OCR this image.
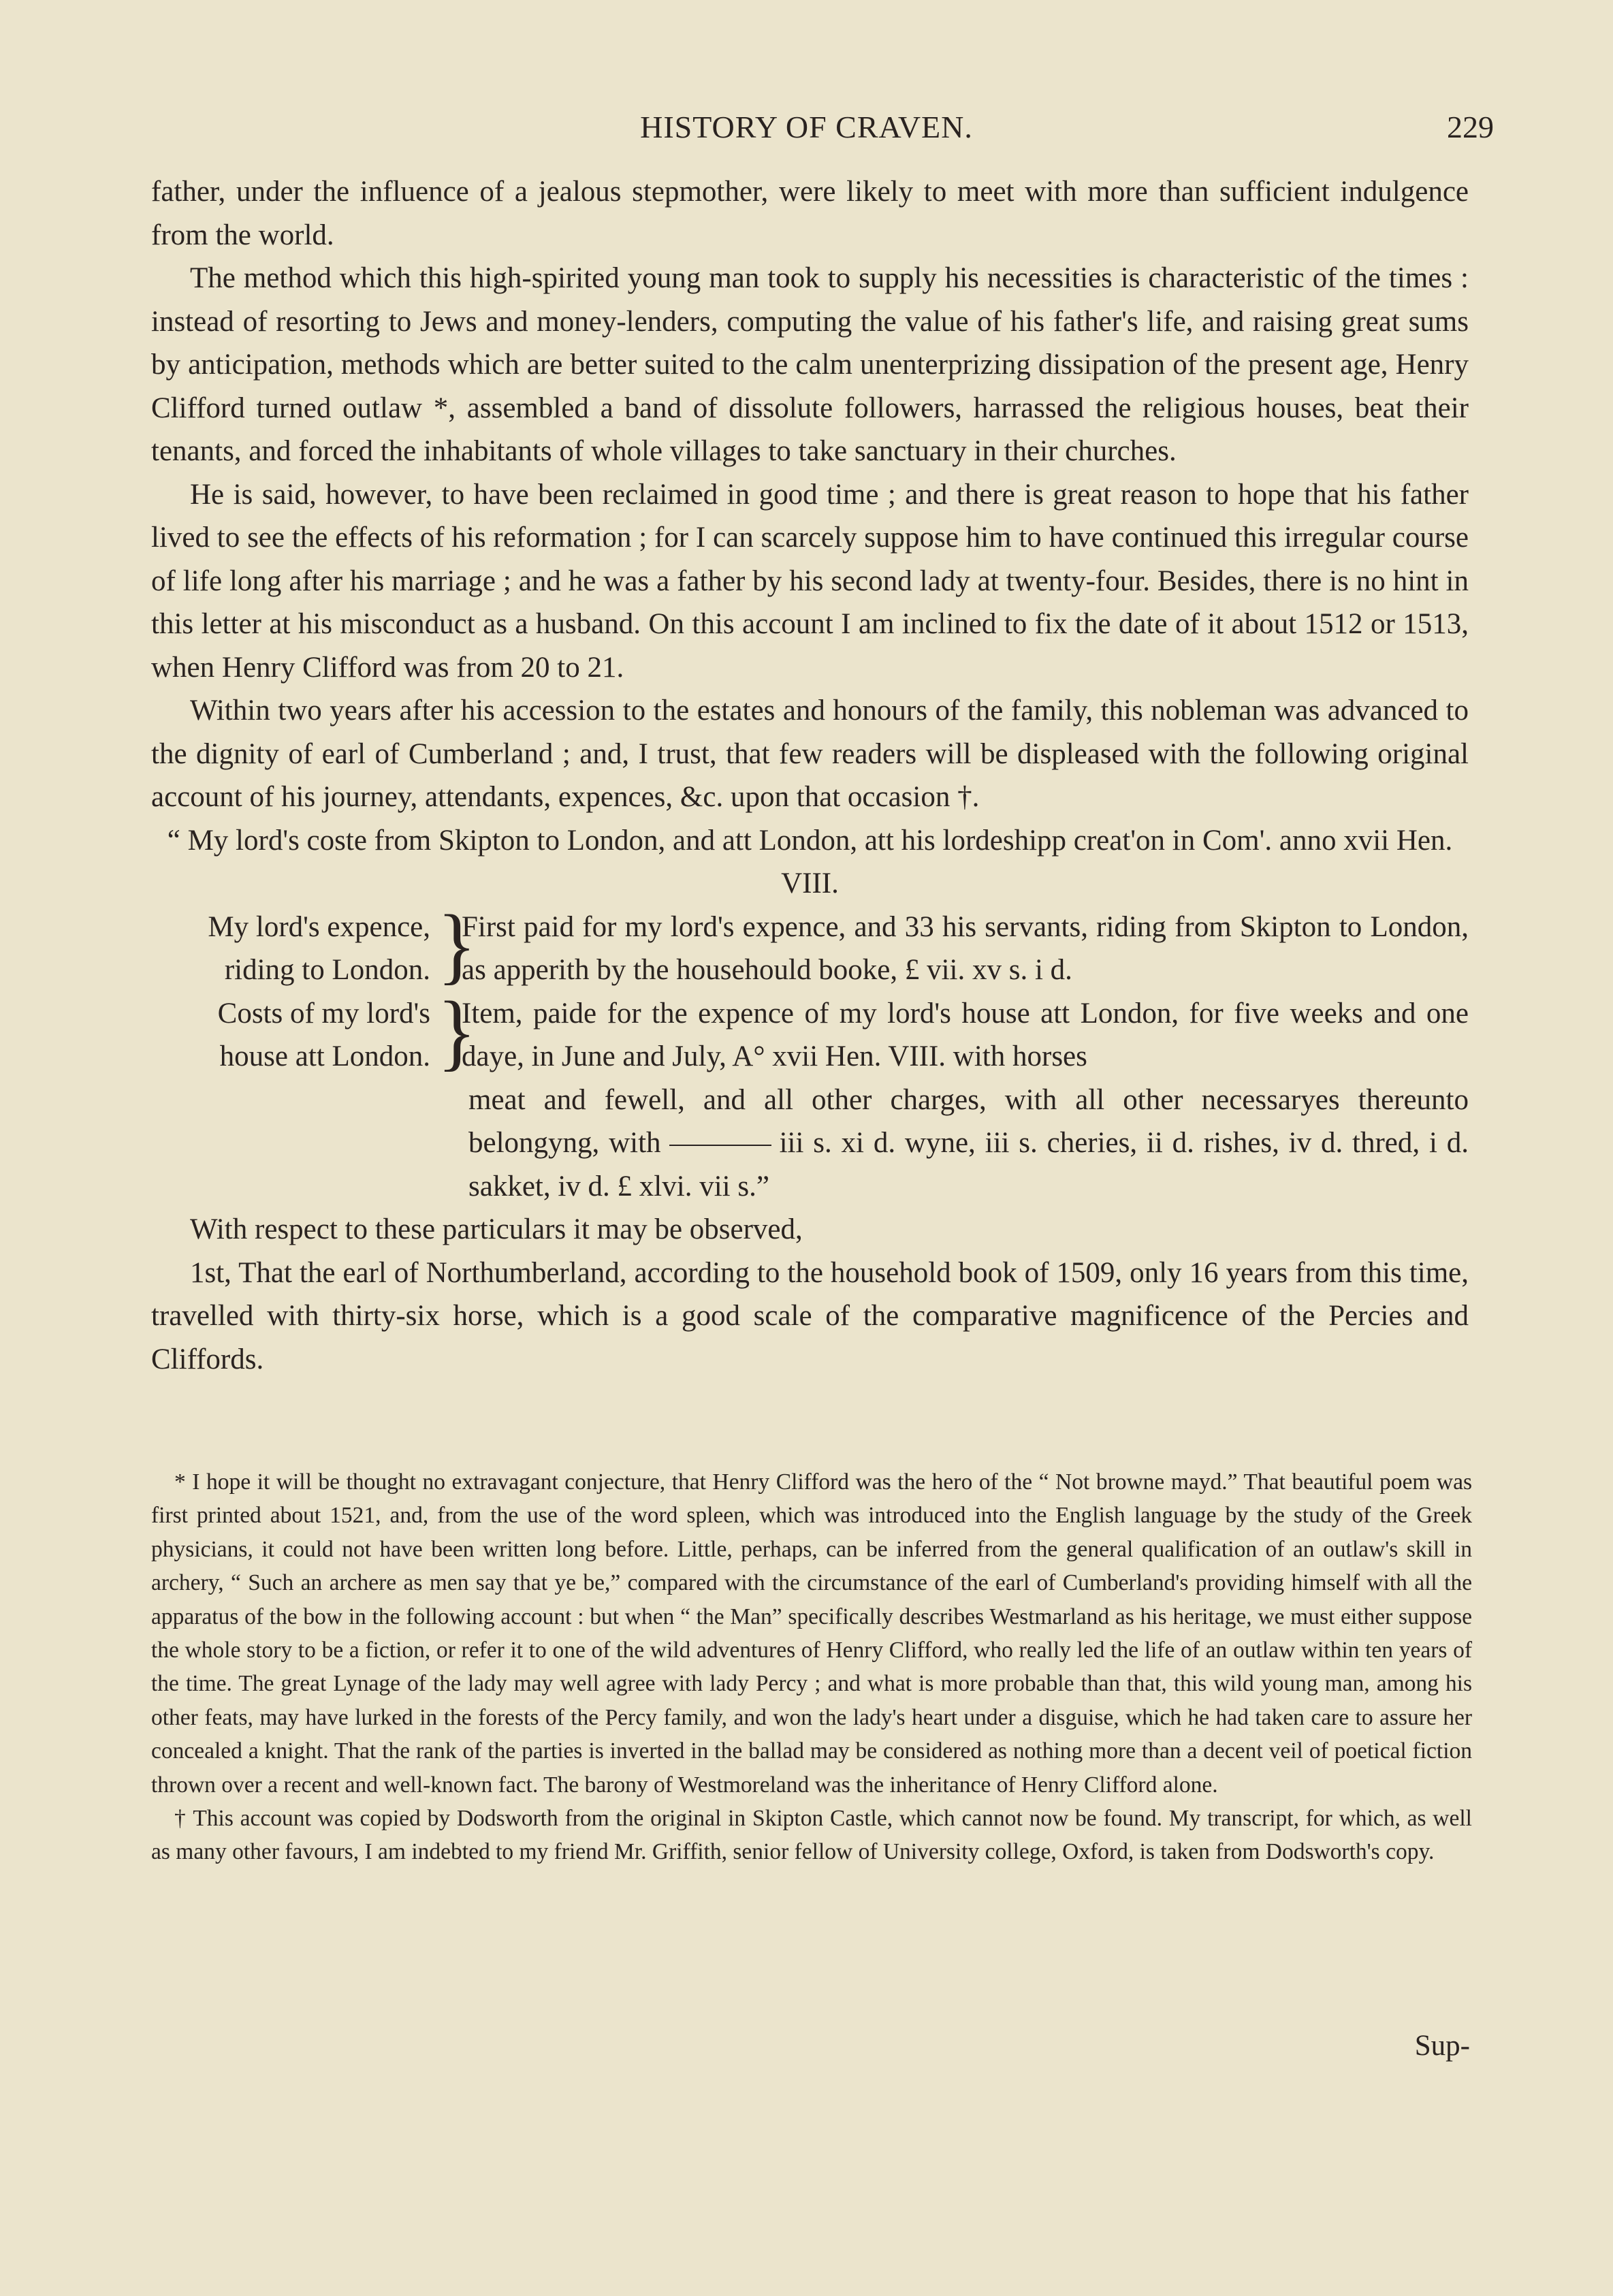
HISTORY OF CRAVEN.	229

father, under the influence of a jealous stepmother, were likely to meet with more than sufficient indulgence from the world.

The method which this high-spirited young man took to supply his necessities is characteristic of the times : instead of resorting to Jews and money-lenders, computing the value of his father's life, and raising great sums by anticipation, methods which are better suited to the calm unenterprizing dissipation of the present age, Henry Clifford turned outlaw *, assembled a band of dissolute followers, harrassed the religious houses, beat their tenants, and forced the inhabitants of whole villages to take sanctuary in their churches.

He is said, however, to have been reclaimed in good time ; and there is great reason to hope that his father lived to see the effects of his reformation ; for I can scarcely suppose him to have continued this irregular course of life long after his marriage ; and he was a father by his second lady at twenty-four. Besides, there is no hint in this letter at his misconduct as a husband. On this account I am inclined to fix the date of it about 1512 or 1513, when Henry Clifford was from 20 to 21.

Within two years after his accession to the estates and honours of the family, this nobleman was advanced to the dignity of earl of Cumberland ; and, I trust, that few readers will be displeased with the following original account of his journey, attendants, expences, &c. upon that occasion †.

“ My lord's coste from Skipton to London, and att London, att his lordeshipp creat'on in Com'. anno xvii Hen. VIII.

My lord's expence, riding to London. }
First paid for my lord's expence, and 33 his servants, riding from Skipton to London, as apperith by the househould booke, £ vii. xv s. i d.
Costs of my lord's house att London. }
Item, paide for the expence of my lord's house att London, for five weeks and one daye, in June and July, A° xvii Hen. VIII. with horses

meat and fewell, and all other charges, with all other necessaryes thereunto belongyng, with	iii s. xi d. wyne, iii s. cheries, ii d. rishes, iv d. thred, i d. sakket, iv d. £ xlvi. vii s.”

With respect to these particulars it may be observed,

1st, That the earl of Northumberland, according to the household book of 1509, only 16 years from this time, travelled with thirty-six horse, which is a good scale of the comparative magnificence of the Percies and Cliffords.

* I hope it will be thought no extravagant conjecture, that Henry Clifford was the hero of the “ Not browne mayd.” That beautiful poem was first printed about 1521, and, from the use of the word spleen, which was introduced into the English language by the study of the Greek physicians, it could not have been written long before. Little, perhaps, can be inferred from the general qualification of an outlaw's skill in archery, “ Such an archere as men say that ye be,” compared with the circumstance of the earl of Cumberland's providing himself with all the apparatus of the bow in the following account : but when “ the Man” specifically describes Westmarland as his heritage, we must either suppose the whole story to be a fiction, or refer it to one of the wild adventures of Henry Clifford, who really led the life of an outlaw within ten years of the time. The great Lynage of the lady may well agree with lady Percy ; and what is more probable than that, this wild young man, among his other feats, may have lurked in the forests of the Percy family, and won the lady's heart under a disguise, which he had taken care to assure her concealed a knight. That the rank of the parties is inverted in the ballad may be considered as nothing more than a decent veil of poetical fiction thrown over a recent and well-known fact. The barony of Westmoreland was the inheritance of Henry Clifford alone.

† This account was copied by Dodsworth from the original in Skipton Castle, which cannot now be found. My transcript, for which, as well as many other favours, I am indebted to my friend Mr. Griffith, senior fellow of University college, Oxford, is taken from Dodsworth's copy.

Sup-
